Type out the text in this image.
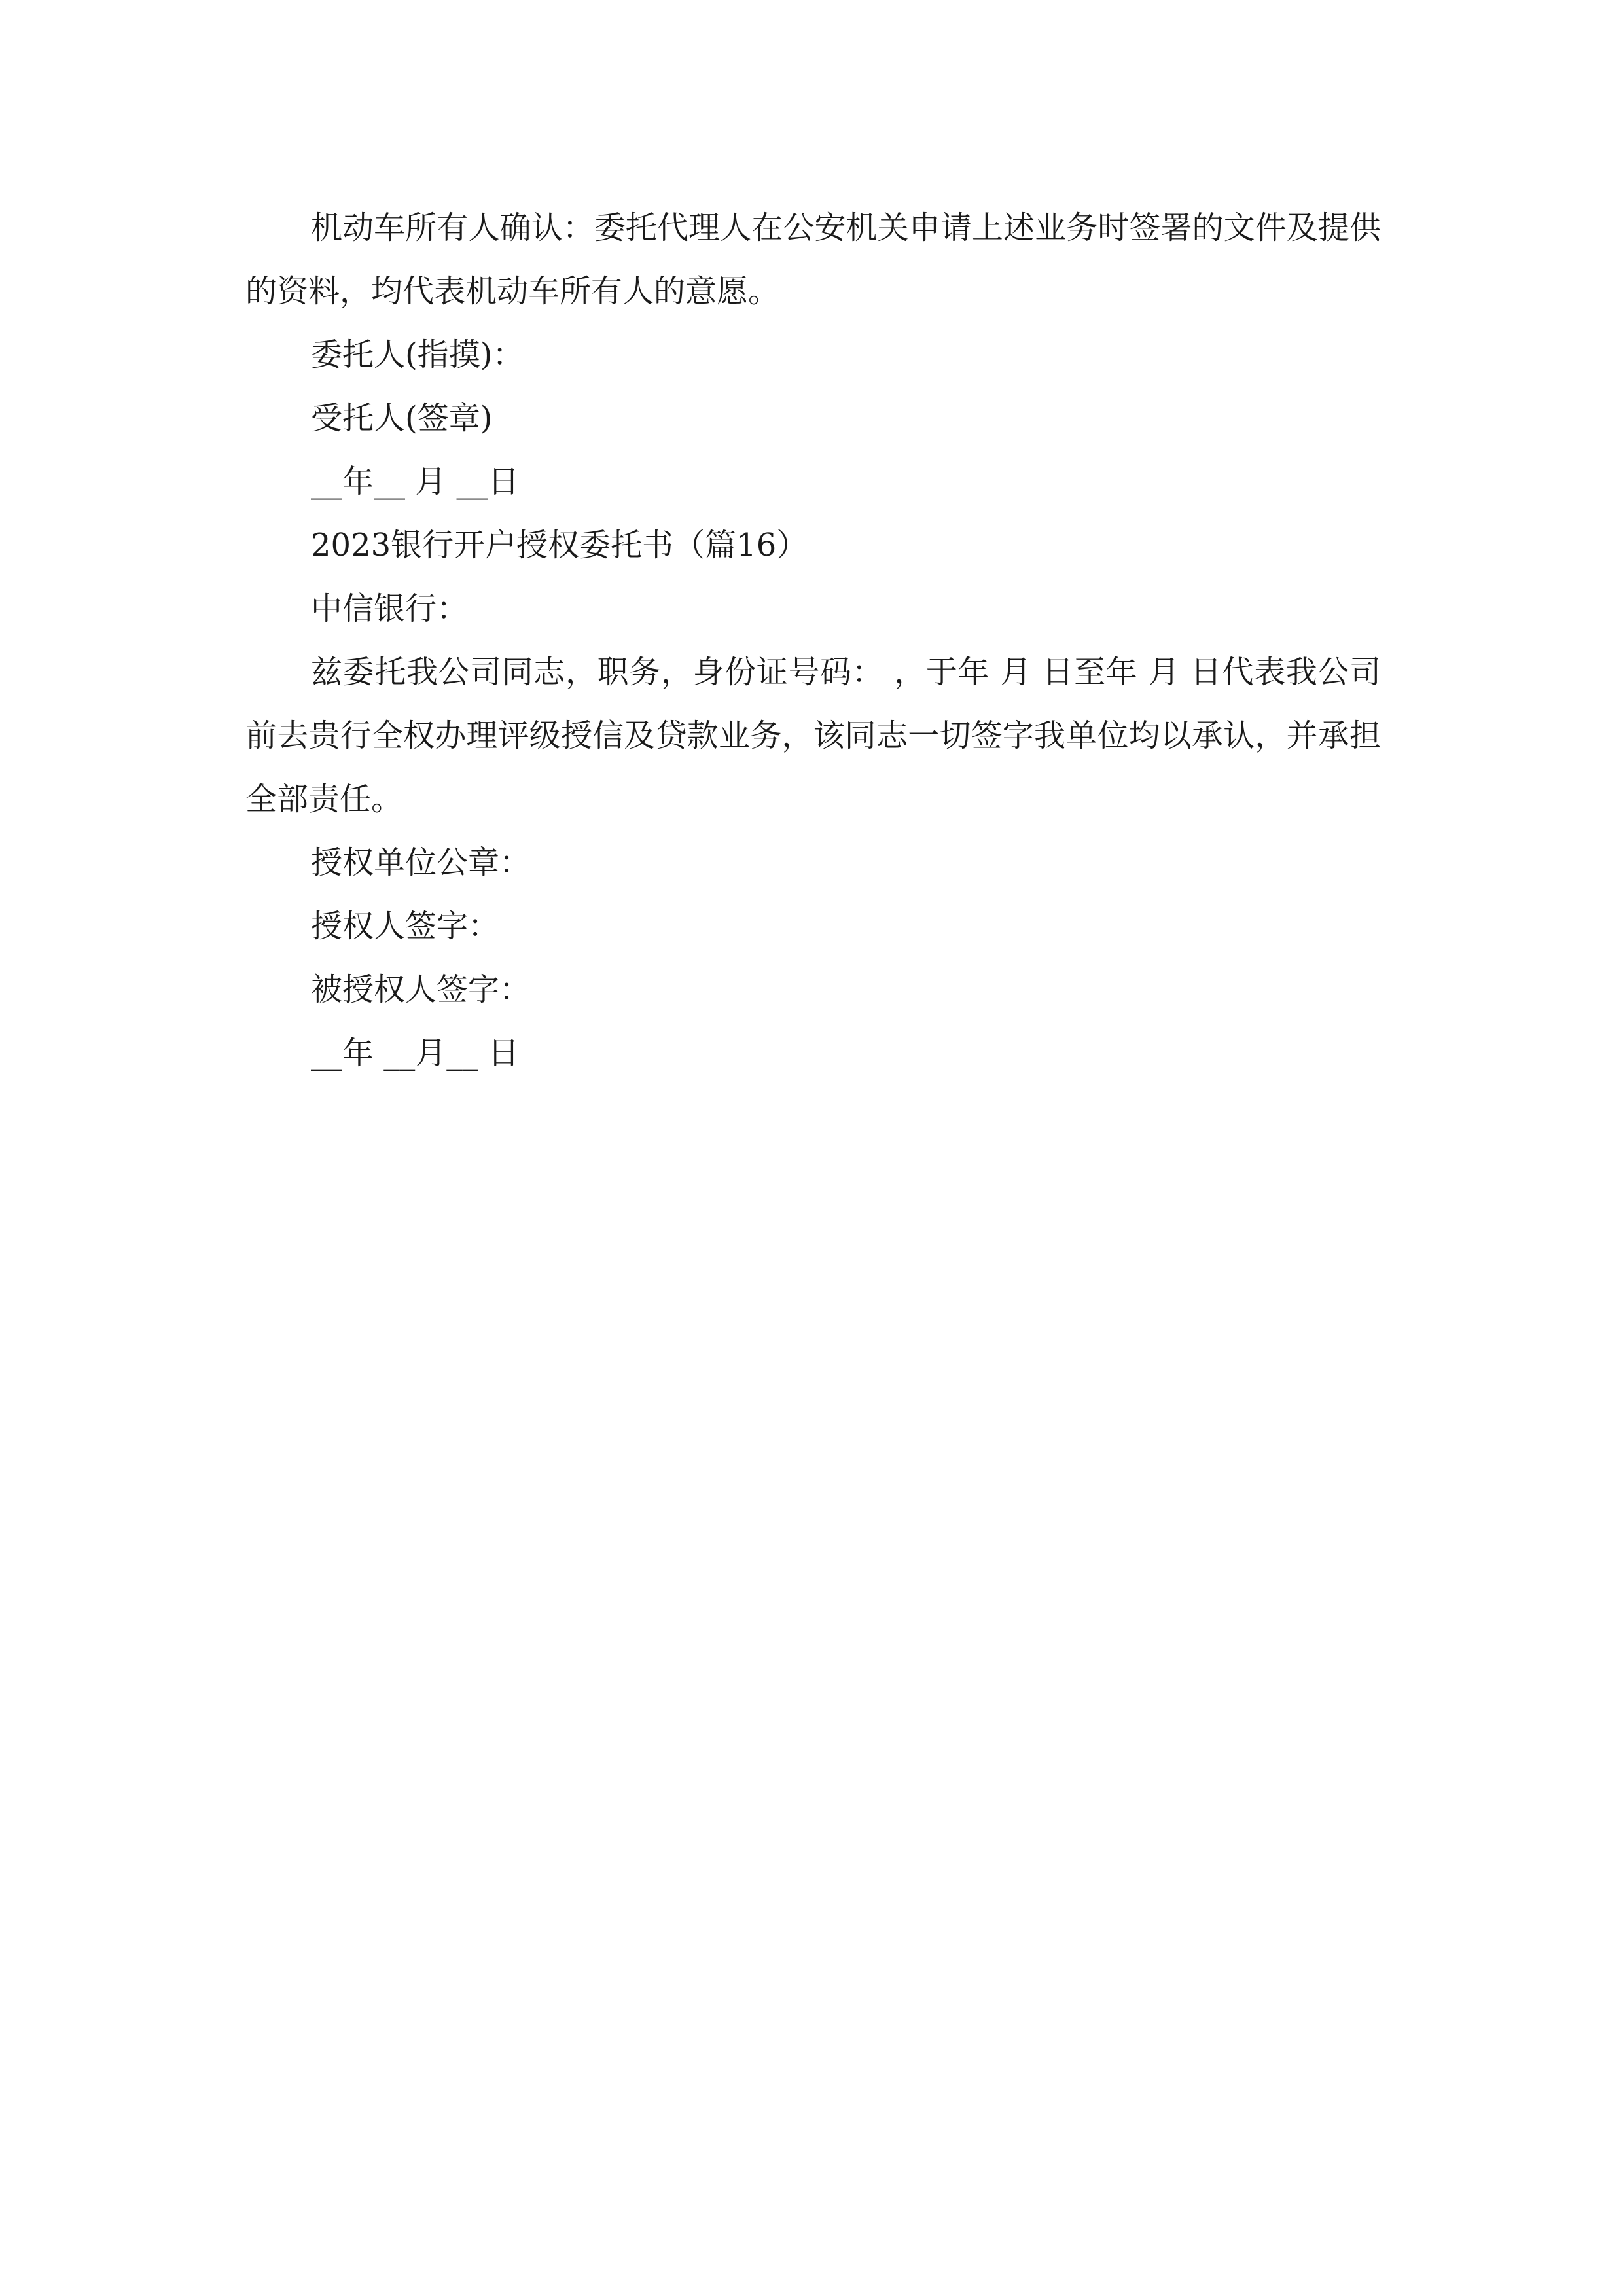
机动车所有人确认：委托代理人在公安机关申请上述业务时签署的文件及提供的资料，均代表机动车所有人的意愿。

委托人(指摸)：

受托人(签章)

__年__ 月 __日

2023银行开户授权委托书（篇16）

中信银行：

兹委托我公司同志，职务，身份证号码： ，于年 月 日至年 月 日代表我公司前去贵行全权办理评级授信及贷款业务，该同志一切签字我单位均以承认，并承担全部责任。

授权单位公章：

授权人签字：

被授权人签字：

__年 __月__ 日
